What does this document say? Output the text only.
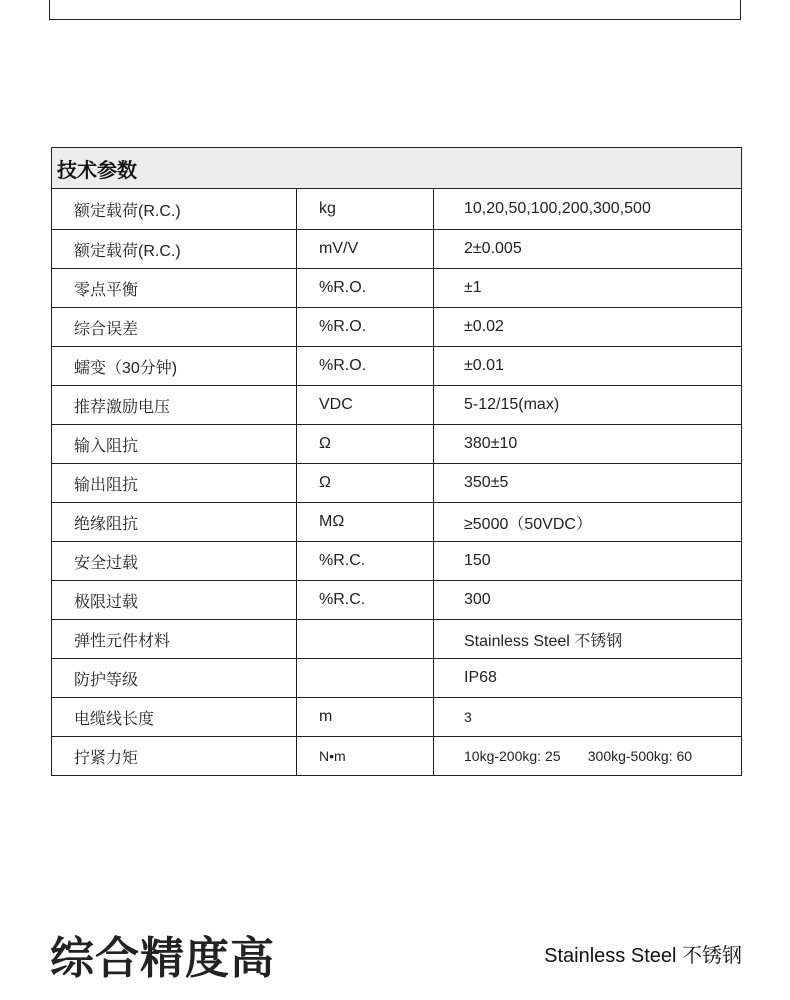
技术参数		
额定载荷(R.C.)	kg	10,20,50,100,200,300,500
额定载荷(R.C.)	mV/V	2±0.005
零点平衡	%R.O.	±1
综合误差	%R.O.	±0.02
蠕变（30分钟)	%R.O.	±0.01
推荐激励电压	VDC	5-12/15(max)
输入阻抗	Ω	380±10
输出阻抗	Ω	350±5
绝缘阻抗	MΩ	≥5000（50VDC）
安全过载	%R.C.	150
极限过载	%R.C.	300
弹性元件材料		Stainless Steel 不锈钢
防护等级		IP68
电缆线长度	m	3
拧紧力矩	N•m	10kg-200kg: 25       300kg-500kg: 60
综合精度高	Stainless Steel 不锈钢
